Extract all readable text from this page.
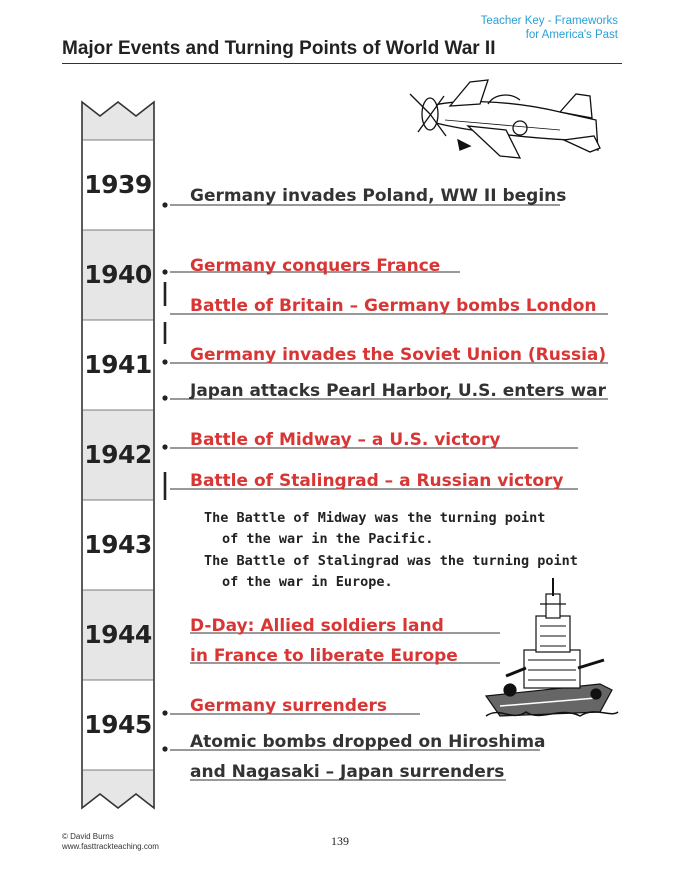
Teacher Key - Frameworks
for America's Past
Major Events and Turning Points of World War II
1939
1940
1941
1942
1943
1944
1945
Germany invades Poland, WW II begins
Germany conquers France
Battle of Britain – Germany bombs London
Germany invades the Soviet Union (Russia)
Japan attacks Pearl Harbor, U.S. enters war
Battle of Midway – a U.S. victory
Battle of Stalingrad – a Russian victory
D-Day: Allied soldiers land
in France to liberate Europe
Germany surrenders
Atomic bombs dropped on Hiroshima
and Nagasaki – Japan surrenders
The Battle of Midway was the turning point
of the war in the Pacific.
The Battle of Stalingrad was the turning point
of the war in Europe.
© David Burns
www.fasttrackteaching.com	139
